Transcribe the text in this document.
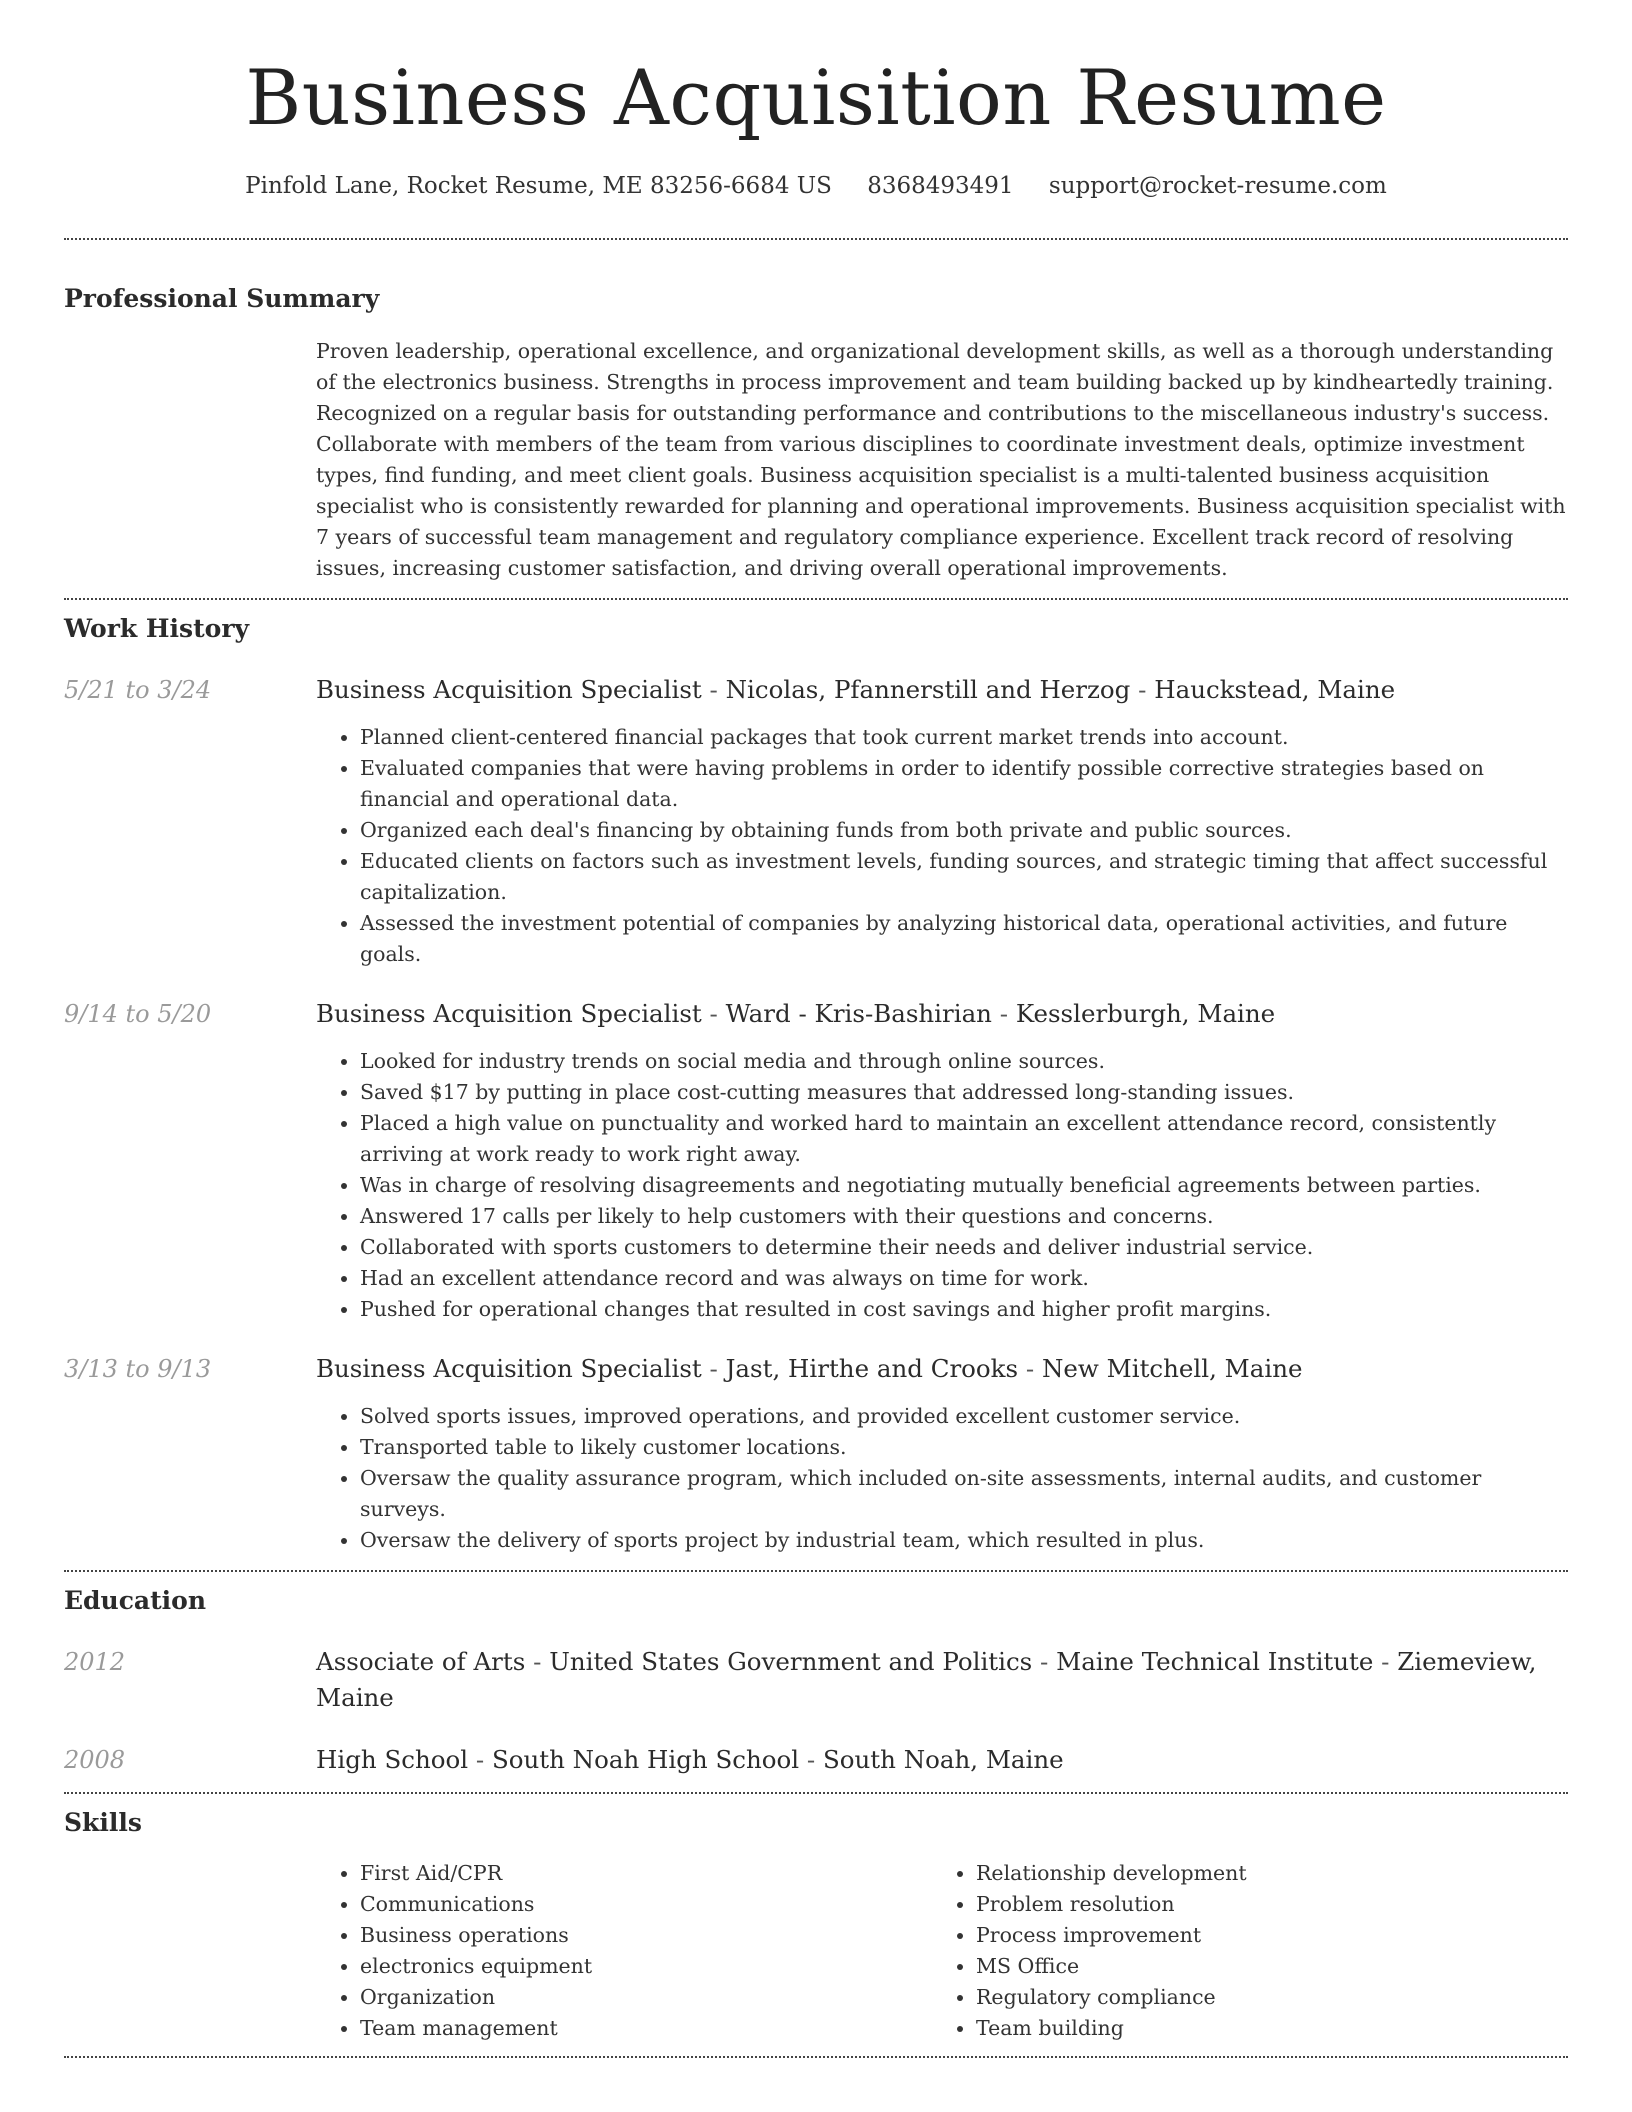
Business Acquisition Resume
Pinfold Lane, Rocket Resume, ME 83256-6684 US 8368493491 support@rocket-resume.com
Professional Summary
Proven leadership, operational excellence, and organizational development skills, as well as a thorough understanding of the electronics business. Strengths in process improvement and team building backed up by kindheartedly training. Recognized on a regular basis for outstanding performance and contributions to the miscellaneous industry's success. Collaborate with members of the team from various disciplines to coordinate investment deals, optimize investment types, find funding, and meet client goals. Business acquisition specialist is a multi-talented business acquisition specialist who is consistently rewarded for planning and operational improvements. Business acquisition specialist with 7 years of successful team management and regulatory compliance experience. Excellent track record of resolving issues, increasing customer satisfaction, and driving overall operational improvements.
Work History
5/21 to 3/24	Business Acquisition Specialist - Nicolas, Pfannerstill and Herzog - Hauckstead, Maine
• Planned client-centered financial packages that took current market trends into account.
• Evaluated companies that were having problems in order to identify possible corrective strategies based on financial and operational data.
• Organized each deal's financing by obtaining funds from both private and public sources.
• Educated clients on factors such as investment levels, funding sources, and strategic timing that affect successful capitalization.
• Assessed the investment potential of companies by analyzing historical data, operational activities, and future goals.
9/14 to 5/20	Business Acquisition Specialist - Ward - Kris-Bashirian - Kesslerburgh, Maine
• Looked for industry trends on social media and through online sources.
• Saved $17 by putting in place cost-cutting measures that addressed long-standing issues.
• Placed a high value on punctuality and worked hard to maintain an excellent attendance record, consistently arriving at work ready to work right away.
• Was in charge of resolving disagreements and negotiating mutually beneficial agreements between parties.
• Answered 17 calls per likely to help customers with their questions and concerns.
• Collaborated with sports customers to determine their needs and deliver industrial service.
• Had an excellent attendance record and was always on time for work.
• Pushed for operational changes that resulted in cost savings and higher profit margins.
3/13 to 9/13	Business Acquisition Specialist - Jast, Hirthe and Crooks - New Mitchell, Maine
• Solved sports issues, improved operations, and provided excellent customer service.
• Transported table to likely customer locations.
• Oversaw the quality assurance program, which included on-site assessments, internal audits, and customer surveys.
• Oversaw the delivery of sports project by industrial team, which resulted in plus.
Education
2012	Associate of Arts - United States Government and Politics - Maine Technical Institute - Ziemeview, Maine
2008	High School - South Noah High School - South Noah, Maine
Skills
• First Aid/CPR
• Communications
• Business operations
• electronics equipment
• Organization
• Team management
• Relationship development
• Problem resolution
• Process improvement
• MS Office
• Regulatory compliance
• Team building
